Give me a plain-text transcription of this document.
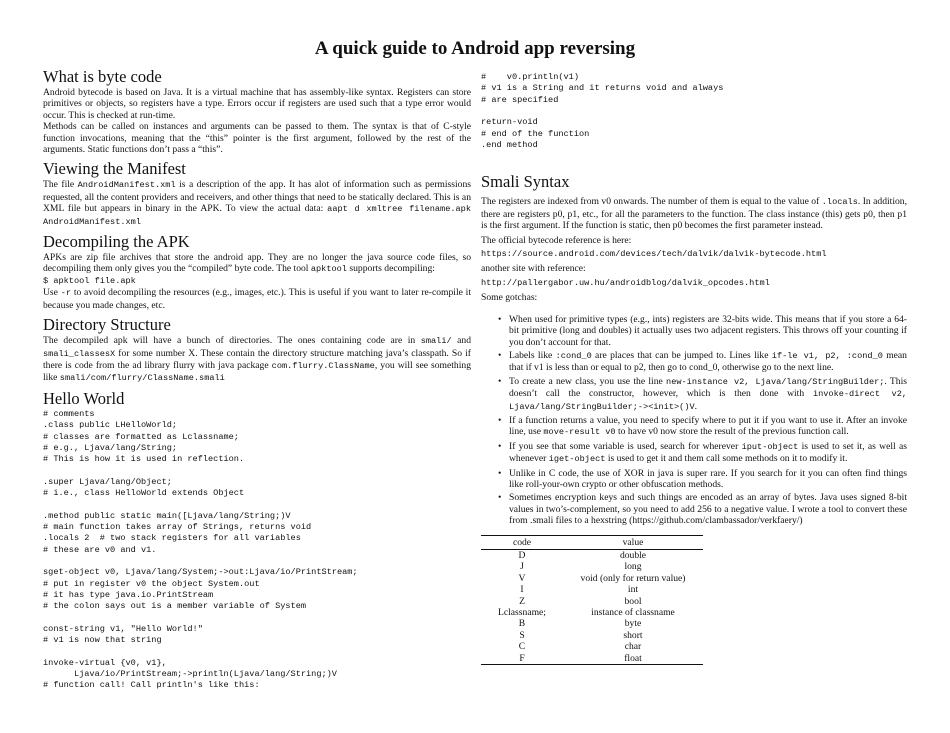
A quick guide to Android app reversing
What is byte code

Android bytecode is based on Java. It is a virtual machine that has assembly-like syntax. Registers can store primitives or objects, so registers have a type. Errors occur if registers are used such that a type error would occur. This is checked at run-time.

Methods can be called on instances and arguments can be passed to them. The syntax is that of C-style function invocations, meaning that the “this” pointer is the first argument, followed by the rest of the arguments. Static functions don’t pass a “this”.

Viewing the Manifest

The file AndroidManifest.xml is a description of the app. It has alot of information such as permissions requested, all the content providers and receivers, and other things that need to be statically declared. This is an XML file but appears in binary in the APK. To view the actual data: aapt d xmltree filename.apk AndroidManifest.xml

Decompiling the APK

APKs are zip file archives that store the android app. They are no longer the java source code files, so decompiling them only gives you the “compiled” byte code. The tool apktool supports decompiling:

$ apktool file.apk

Use -r to avoid decompiling the resources (e.g., images, etc.). This is useful if you want to later re-compile it because you made changes, etc.

Directory Structure

The decompiled apk will have a bunch of directories. The ones containing code are in smali/ and smali_classesX for some number X. These contain the directory structure matching java’s classpath. So if there is code from the ad library flurry with java package com.flurry.ClassName, you will see something like smali/com/flurry/ClassName.smali

Hello World
# comments
.class public LHelloWorld;
# classes are formatted as Lclassname;
# e.g., Ljava/lang/String;
# This is how it is used in reflection.
.super Ljava/lang/Object;
# i.e., class HelloWorld extends Object
.method public static main([Ljava/lang/String;)V
# main function takes array of Strings, returns void
.locals 2  # two stack registers for all variables
# these are v0 and v1.
sget-object v0, Ljava/lang/System;->out:Ljava/io/PrintStream;
# put in register v0 the object System.out
# it has type java.io.PrintStream
# the colon says out is a member variable of System
const-string v1, "Hello World!"
# v1 is now that string
invoke-virtual {v0, v1},
Ljava/io/PrintStream;->println(Ljava/lang/String;)V
# function call! Call println's like this:
#    v0.println(v1)
# v1 is a String and it returns void and always
# are specified
return-void
# end of the function
.end method
Smali Syntax

The registers are indexed from v0 onwards. The number of them is equal to the value of .locals. In addition, there are registers p0, p1, etc., for all the parameters to the function. The class instance (this) gets p0, then p1 is the first argument. If the function is static, then p0 becomes the first parameter instead.

The official bytecode reference is here:

https://source.android.com/devices/tech/dalvik/dalvik-bytecode.html

another site with reference:

http://pallergabor.uw.hu/androidblog/dalvik_opcodes.html

Some gotchas:

• When used for primitive types (e.g., ints) registers are 32-bits wide. This means that if you store a 64-bit primitive (long and doubles) it actually uses two adjacent registers. This throws off your counting if you don’t account for that.
• Labels like :cond_0 are places that can be jumped to. Lines like if-le v1, p2, :cond_0 mean that if v1 is less than or equal to p2, then go to cond_0, otherwise go to the next line.
• To create a new class, you use the line new-instance v2, Ljava/lang/StringBuilder;. This doesn’t call the constructor, however, which is then done with invoke-direct v2, Ljava/lang/StringBuilder;-><init>()V.
• If a function returns a value, you need to specify where to put it if you want to use it. After an invoke line, use move-result v0 to have v0 now store the result of the previous function call.
• If you see that some variable is used, search for wherever iput-object is used to set it, as well as whenever iget-object is used to get it and them call some methods on it to modify it.
• Unlike in C code, the use of XOR in java is super rare. If you search for it you can often find things like roll-your-own crypto or other obfuscation methods.
• Sometimes encryption keys and such things are encoded as an array of bytes. Java uses signed 8-bit values in two’s-complement, so you need to add 256 to a negative value. I wrote a tool to convert these from .smali files to a hexstring (https://github.com/clambassador/verkfaery/)
code	value
D	double
J	long
V	void (only for return value)
I	int
Z	bool
Lclassname;	instance of classname
B	byte
S	short
C	char
F	float
